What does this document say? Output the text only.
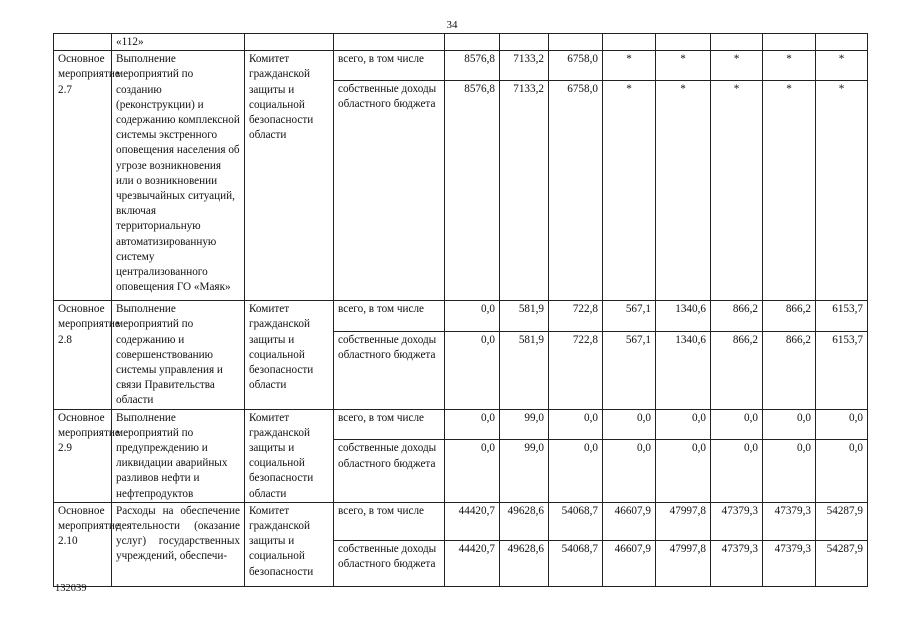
34
	«112»										
Основное мероприятие 2.7	Выполнение мероприятий по созданию (реконструкции) и содержанию комплексной системы экстренного оповещения населения об угрозе возникновения или о возникновении чрезвычайных ситуаций, включая территориальную автоматизированную систему централизованного оповещения ГО «Маяк»	Комитет гражданской защиты и социальной безопасности области	всего, в том числе	8576,8	7133,2	6758,0	*	*	*	*	*
			собственные доходы областного бюджета	8576,8	7133,2	6758,0	*	*	*	*	*
Основное мероприятие 2.8	Выполнение мероприятий по содержанию и совершенствованию системы управления и связи Правительства области	Комитет гражданской защиты и социальной безопасности области	всего, в том числе	0,0	581,9	722,8	567,1	1340,6	866,2	866,2	6153,7
			собственные доходы областного бюджета	0,0	581,9	722,8	567,1	1340,6	866,2	866,2	6153,7
Основное мероприятие 2.9	Выполнение мероприятий по предупреждению и ликвидации аварийных разливов нефти и нефтепродуктов	Комитет гражданской защиты и социальной безопасности области	всего, в том числе	0,0	99,0	0,0	0,0	0,0	0,0	0,0	0,0
			собственные доходы областного бюджета	0,0	99,0	0,0	0,0	0,0	0,0	0,0	0,0
Основное мероприятие 2.10	Расходы на обеспечение деятельности (оказание услуг) государственных учреждений, обеспечи-	Комитет гражданской защиты и социальной безопасности	всего, в том числе	44420,7	49628,6	54068,7	46607,9	47997,8	47379,3	47379,3	54287,9
			собственные доходы областного бюджета	44420,7	49628,6	54068,7	46607,9	47997,8	47379,3	47379,3	54287,9
132039
